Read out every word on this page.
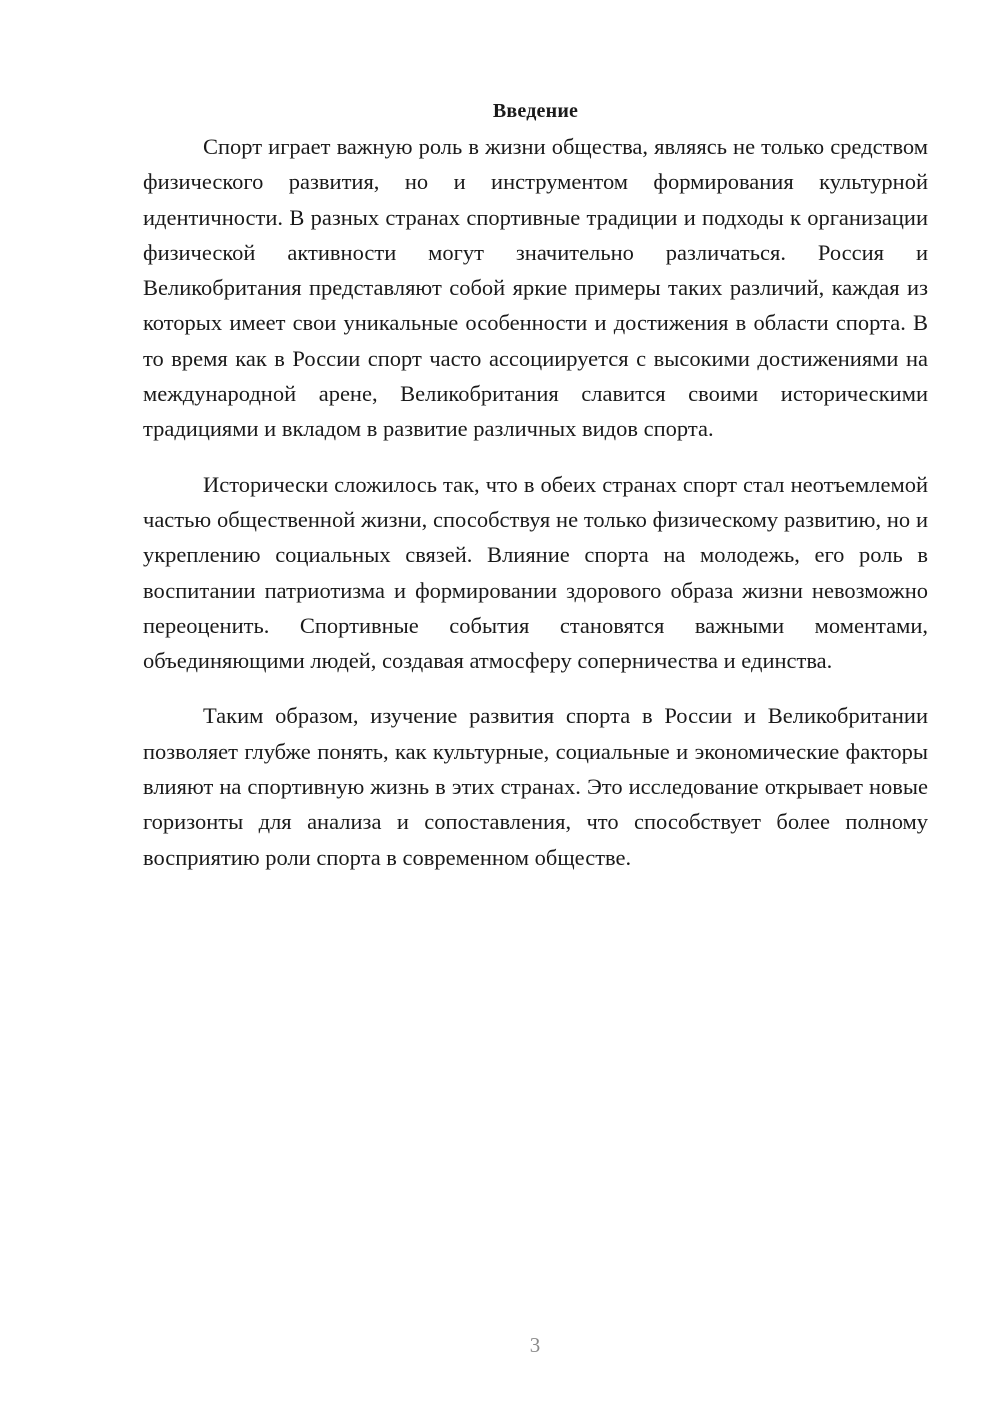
Введение

Спорт играет важную роль в жизни общества, являясь не только средством физического развития, но и инструментом формирования культурной идентичности. В разных странах спортивные традиции и подходы к организации физической активности могут значительно различаться. Россия и Великобритания представляют собой яркие примеры таких различий, каждая из которых имеет свои уникальные особенности и достижения в области спорта. В то время как в России спорт часто ассоциируется с высокими достижениями на международной арене, Великобритания славится своими историческими традициями и вкладом в развитие различных видов спорта.

Исторически сложилось так, что в обеих странах спорт стал неотъемлемой частью общественной жизни, способствуя не только физическому развитию, но и укреплению социальных связей. Влияние спорта на молодежь, его роль в воспитании патриотизма и формировании здорового образа жизни невозможно переоценить. Спортивные события становятся важными моментами, объединяющими людей, создавая атмосферу соперничества и единства.

Таким образом, изучение развития спорта в России и Великобритании позволяет глубже понять, как культурные, социальные и экономические факторы влияют на спортивную жизнь в этих странах. Это исследование открывает новые горизонты для анализа и сопоставления, что способствует более полному восприятию роли спорта в современном обществе.

3
